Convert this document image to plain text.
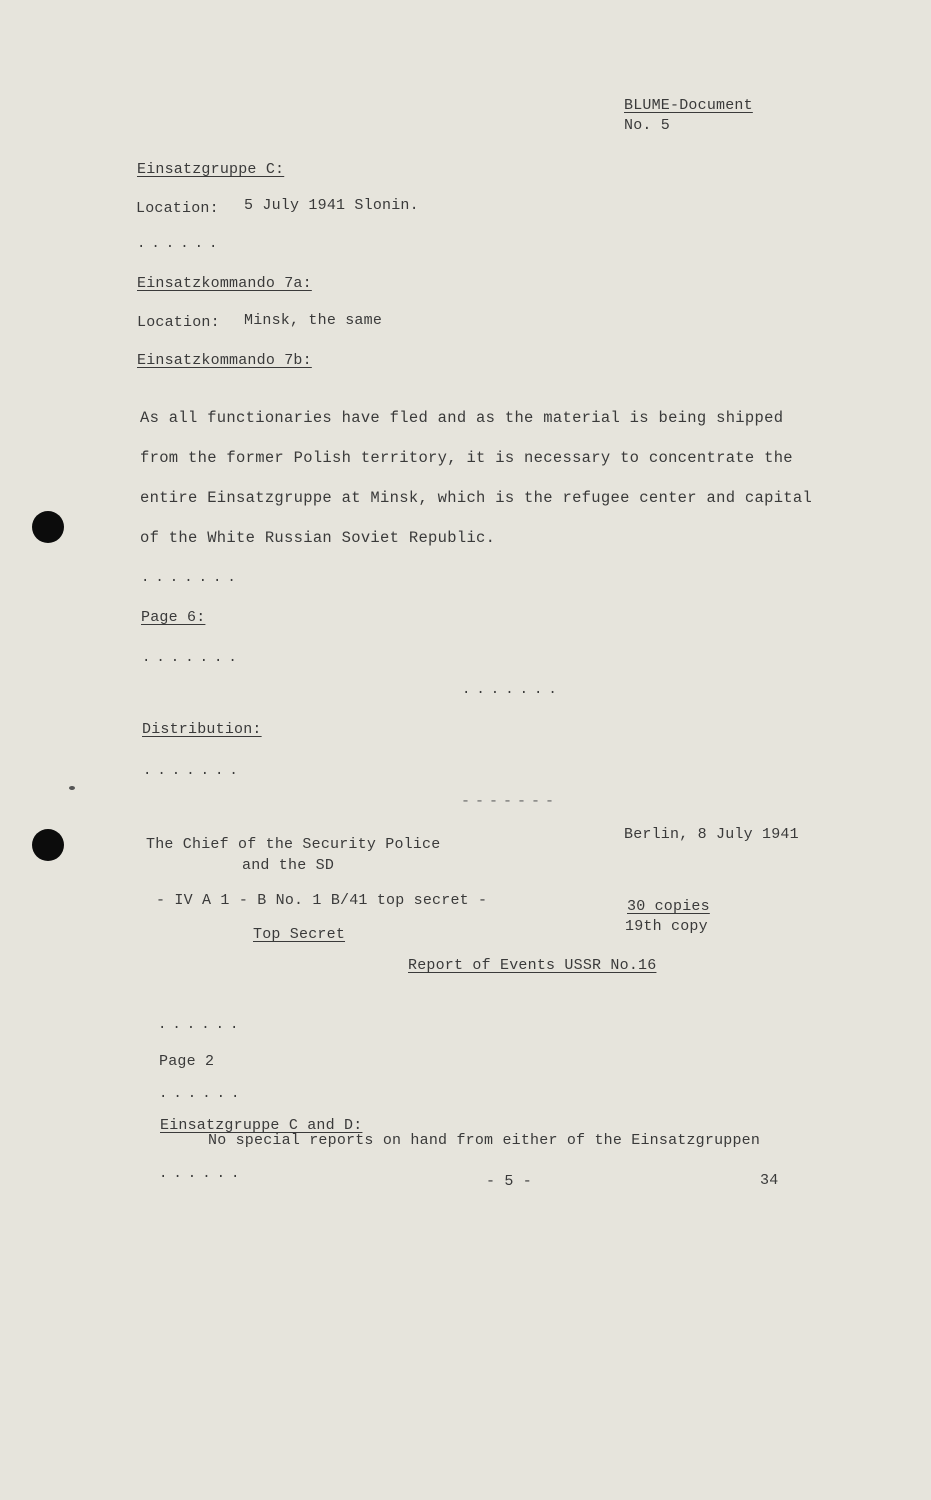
BLUME-Document
No. 5
Einsatzgruppe C:
Location: 5 July 1941 Slonin.
......
Einsatzkommando 7a:
Location: Minsk, the same
Einsatzkommando 7b:
As all functionaries have fled and as the material is being shipped
from the former Polish territory, it is necessary to concentrate the
entire Einsatzgruppe at Minsk, which is the refugee center and capital
of the White Russian Soviet Republic.
.......
Page 6:
.......
.......
Distribution:
.......
-------
The Chief of the Security Police
and the SD
Berlin, 8 July 1941
- IV A 1 - B No. 1 B/41 top secret -	30 copies
19th copy
Top Secret
Report of Events USSR No.16
......
Page 2
......
Einsatzgruppe C and D:
No special reports on hand from either of the Einsatzgruppen
......	- 5 -	34
